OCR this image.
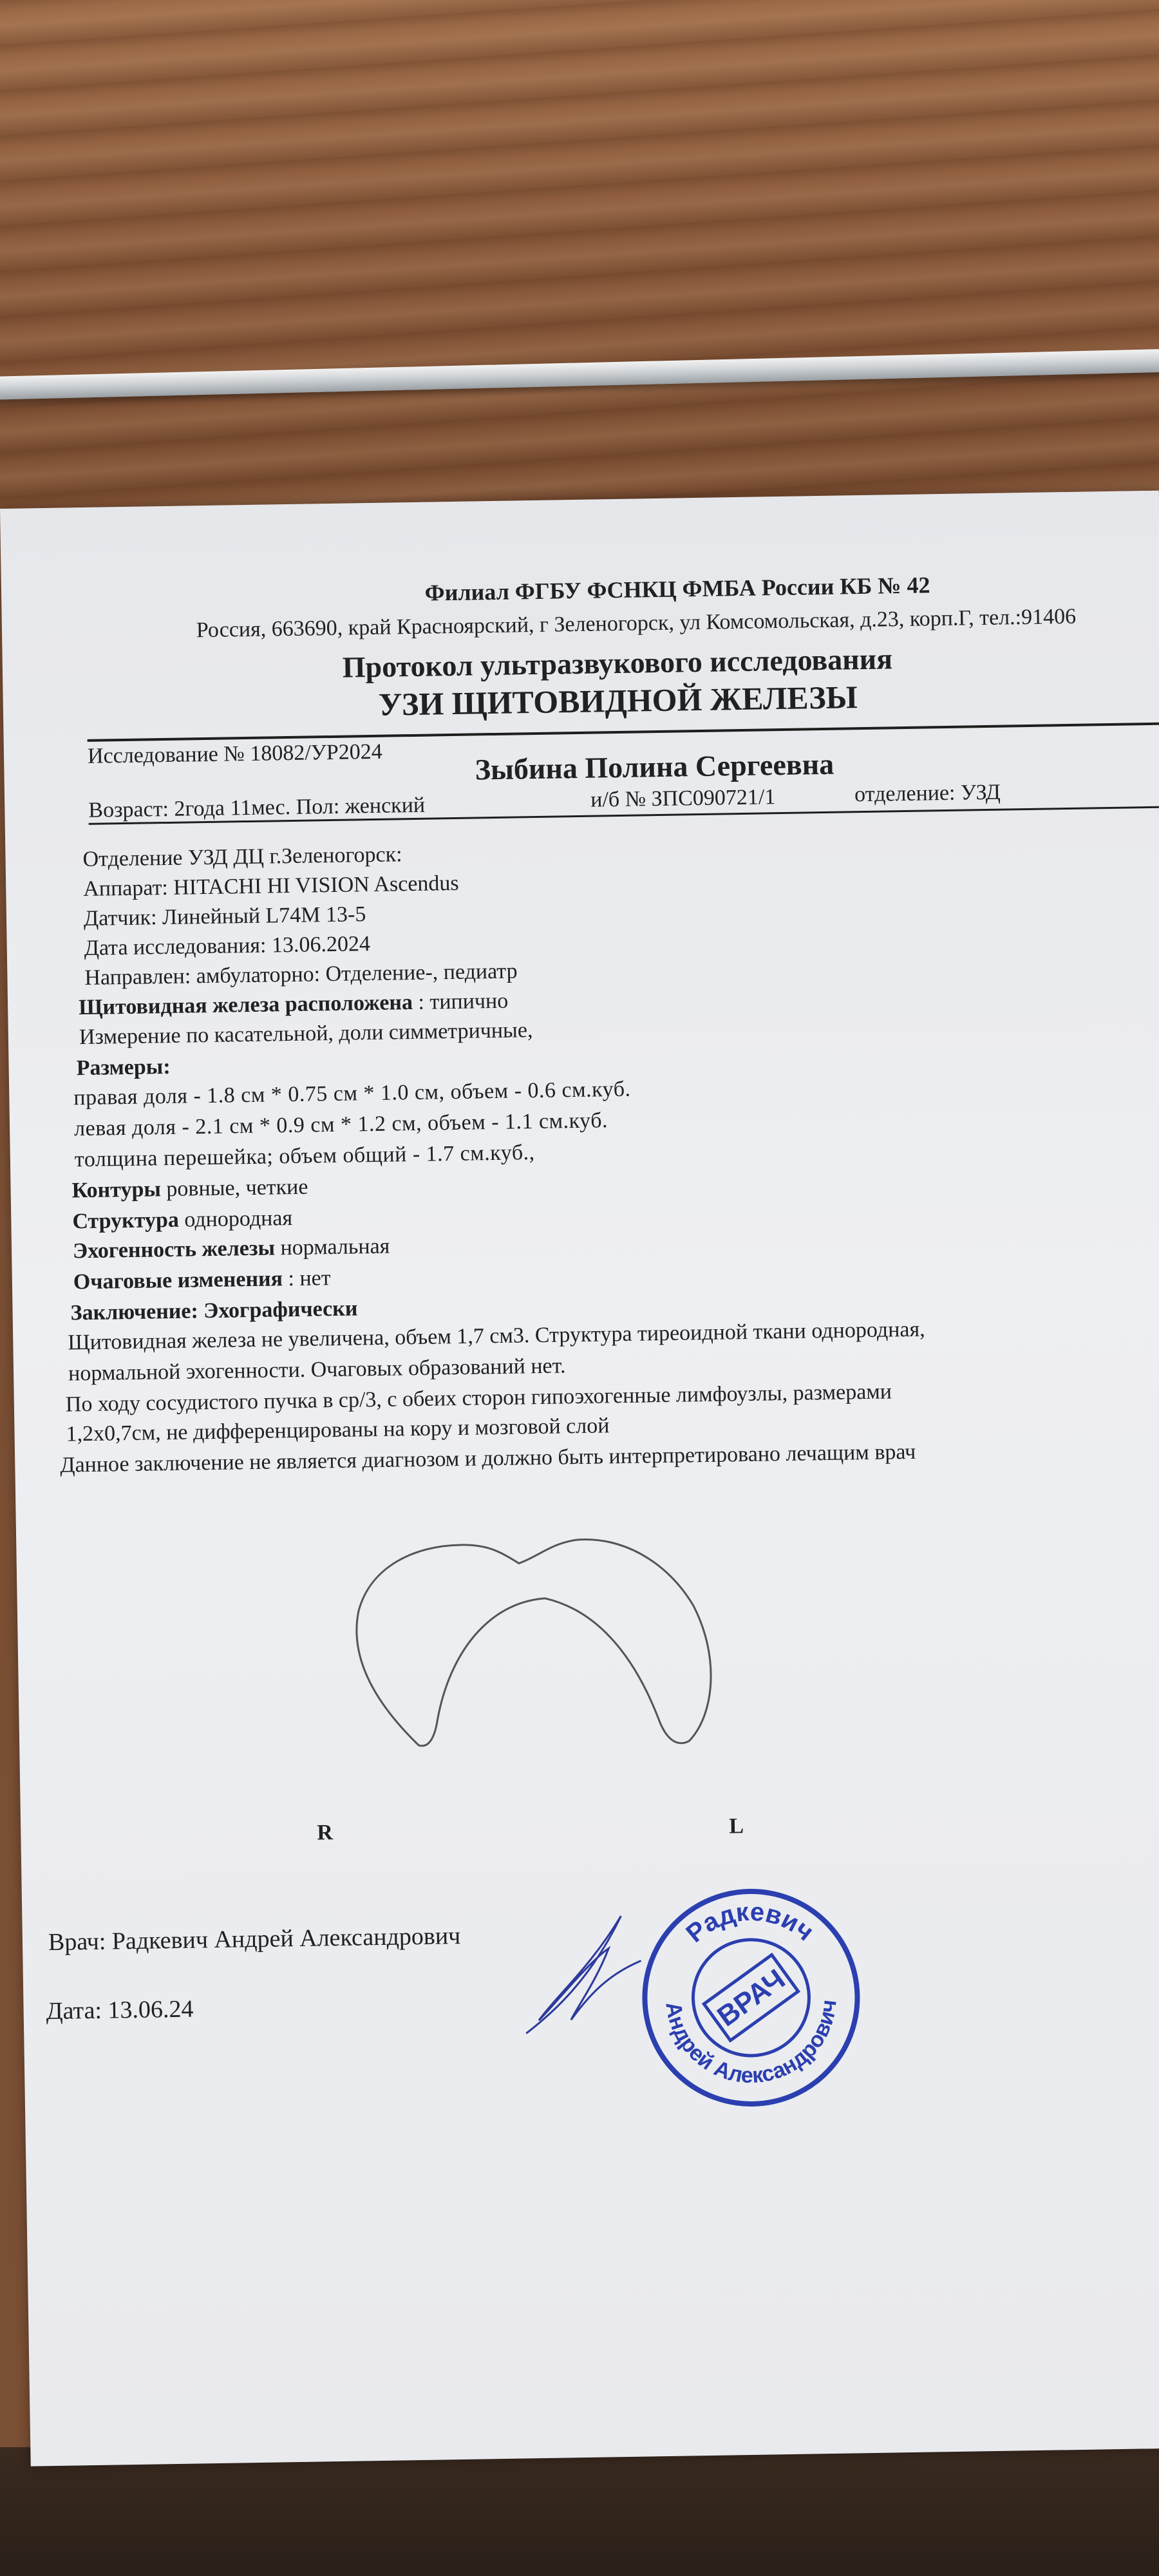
Филиал ФГБУ ФСНКЦ ФМБА России КБ № 42
Россия, 663690, край Красноярский, г Зеленогорск, ул Комсомольская, д.23, корп.Г, тел.:91406
Протокол ультразвукового исследования
УЗИ ЩИТОВИДНОЙ ЖЕЛЕЗЫ
Исследование № 18082/УР2024	Зыбина Полина Сергеевна
Возраст: 2года 11мес. Пол: женский	и/б № ЗПС090721/1	отделение: УЗД
Отделение УЗД ДЦ г.Зеленогорск:
Аппарат: HITACHI HI VISION Ascendus
Датчик: Линейный L74M 13-5
Дата исследования: 13.06.2024
Направлен: амбулаторно: Отделение-, педиатр
Щитовидная железа расположена : типично
Измерение по касательной, доли симметричные,
Размеры:
правая доля - 1.8 см * 0.75 см * 1.0 см, объем - 0.6 см.куб.
левая доля - 2.1 см * 0.9 см * 1.2 см, объем - 1.1 см.куб.
толщина перешейка; объем общий - 1.7 см.куб.,
Контуры ровные, четкие
Структура однородная
Эхогенность железы нормальная
Очаговые изменения : нет
Заключение: Эхографически
Щитовидная железа не увеличена, объем 1,7 см3. Структура тиреоидной ткани однородная,
нормальной эхогенности. Очаговых образований нет.
По ходу сосудистого пучка в ср/3, с обеих сторон гипоэхогенные лимфоузлы, размерами
1,2х0,7см, не дифференцированы на кору и мозговой слой
Данное заключение не является диагнозом и должно быть интерпретировано лечащим врач
R	L
Врач: Радкевич Андрей Александрович
Дата: 13.06.24
Радкевич
Андрей Александрович
ВРАЧ
